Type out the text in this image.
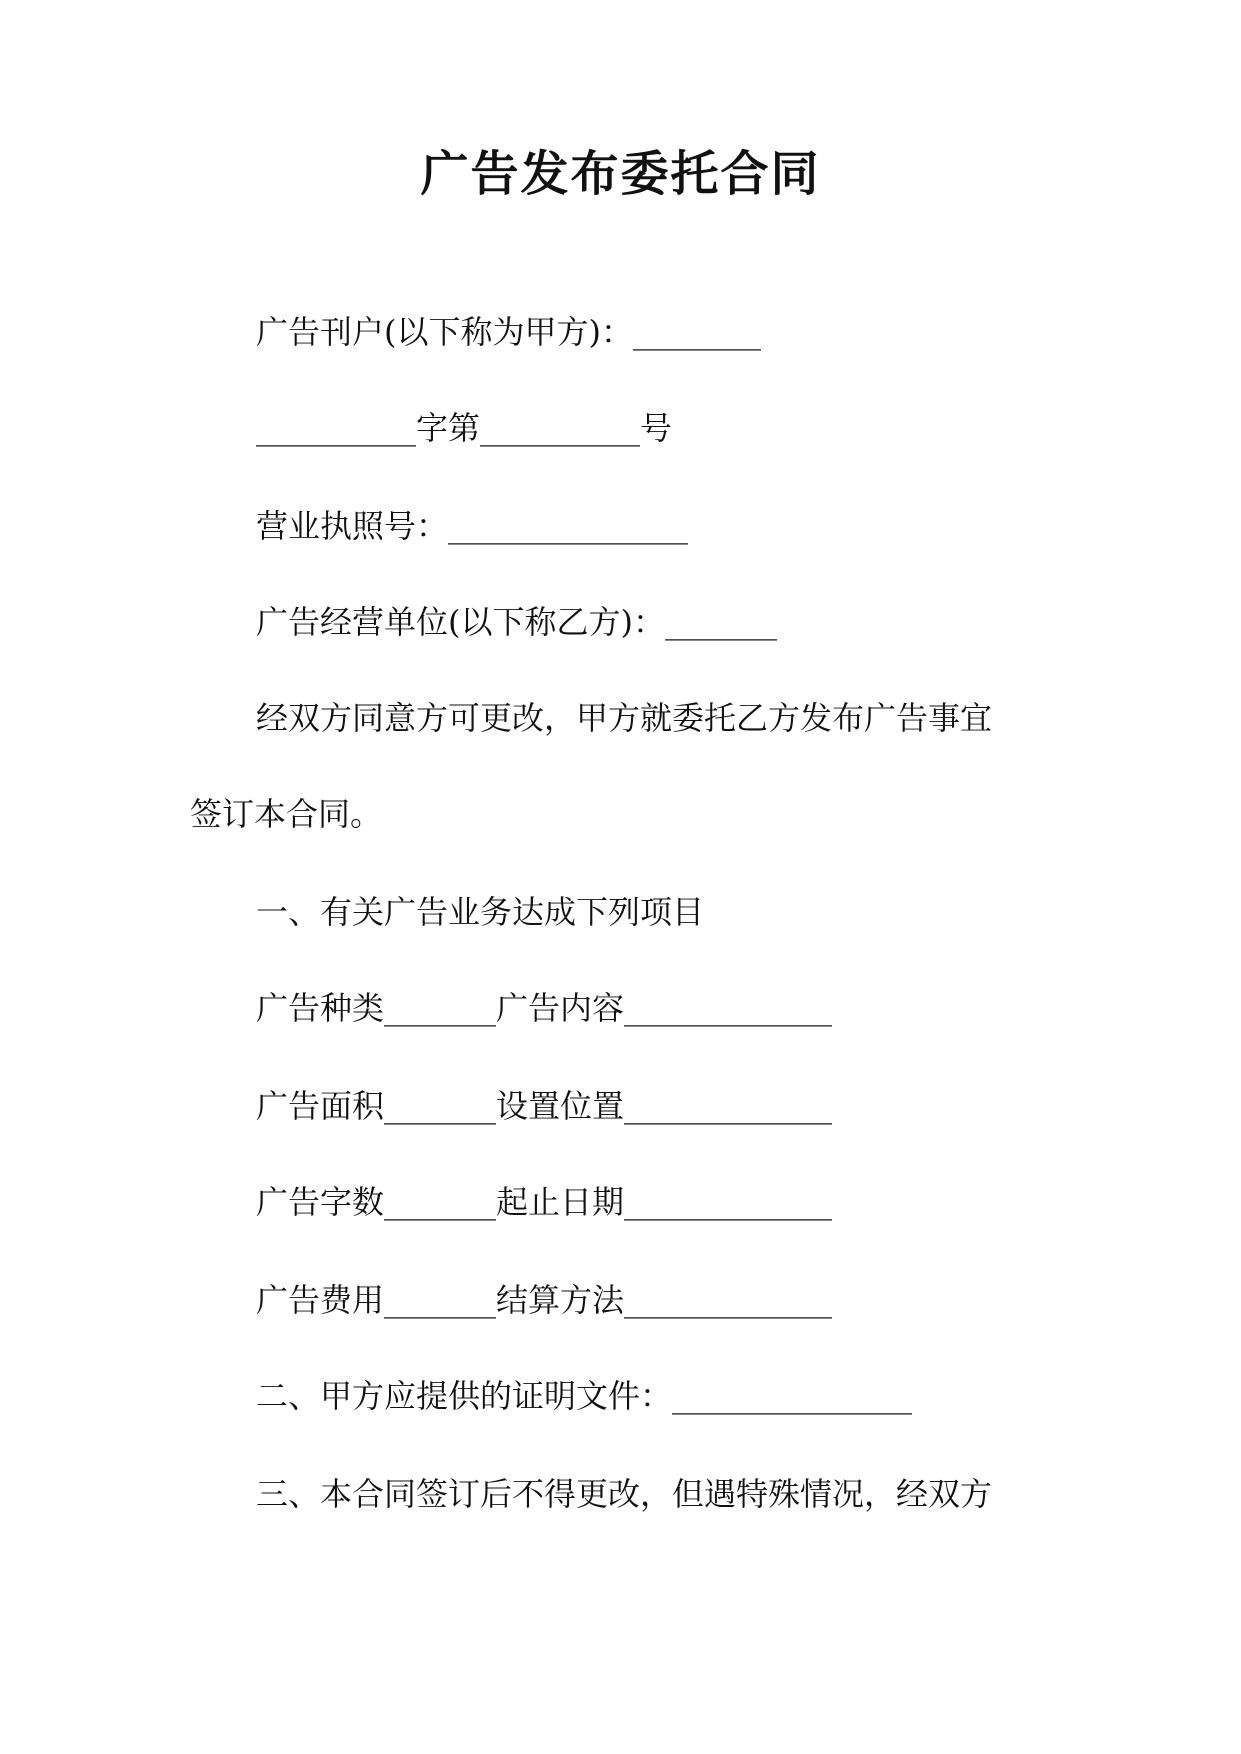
广告发布委托合同
广告刊户(以下称为甲方)：________
__________字第__________号
营业执照号：_______________
广告经营单位(以下称乙方)：_______
经双方同意方可更改，甲方就委托乙方发布广告事宜
签订本合同。
一、有关广告业务达成下列项目
广告种类_______广告内容_____________
广告面积_______设置位置_____________
广告字数_______起止日期_____________
广告费用_______结算方法_____________
二、甲方应提供的证明文件：_______________
三、本合同签订后不得更改，但遇特殊情况，经双方
